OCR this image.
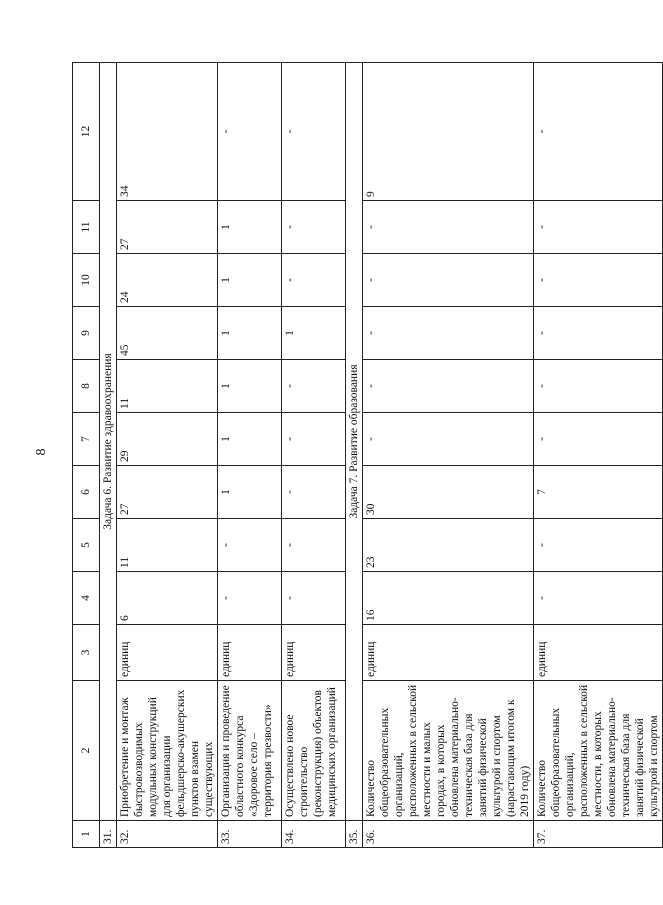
8
1	2	3	4	5	6	7	8	9	10	11	12
31.	Задача 6. Развитие здравоохранения										
32.	Приобретение и монтаж быстровозводимых модульных конструкций для организации фельдшерско-акушерских пунктов взамен существующих	единиц	6	11	27	29	11	45	24	27	34
33.	Организация и проведение областного конкурса «Здоровое село – территория трезвости»	единиц	-	-	1	1	1	1	1	1	-
34.	Осуществлено новое строительство (реконструкция) объектов медицинских организаций	единиц	-	-	-	-	-	1	-	-	-
35.	Задача 7. Развитие образования										
36.	Количество общеобразовательных организаций, расположенных в сельской местности и малых городах, в которых обновлена материально-техническая база для занятий физической культурой и спортом (нарастающим итогом к 2019 году)	единиц	16	23	30	-	-	-	-	-	9
37.	Количество общеобразовательных организаций, расположенных в сельской местности, в которых обновлена материально-техническая база для занятий физической культурой и спортом	единиц	-	-	7	-	-	-	-	-	-
